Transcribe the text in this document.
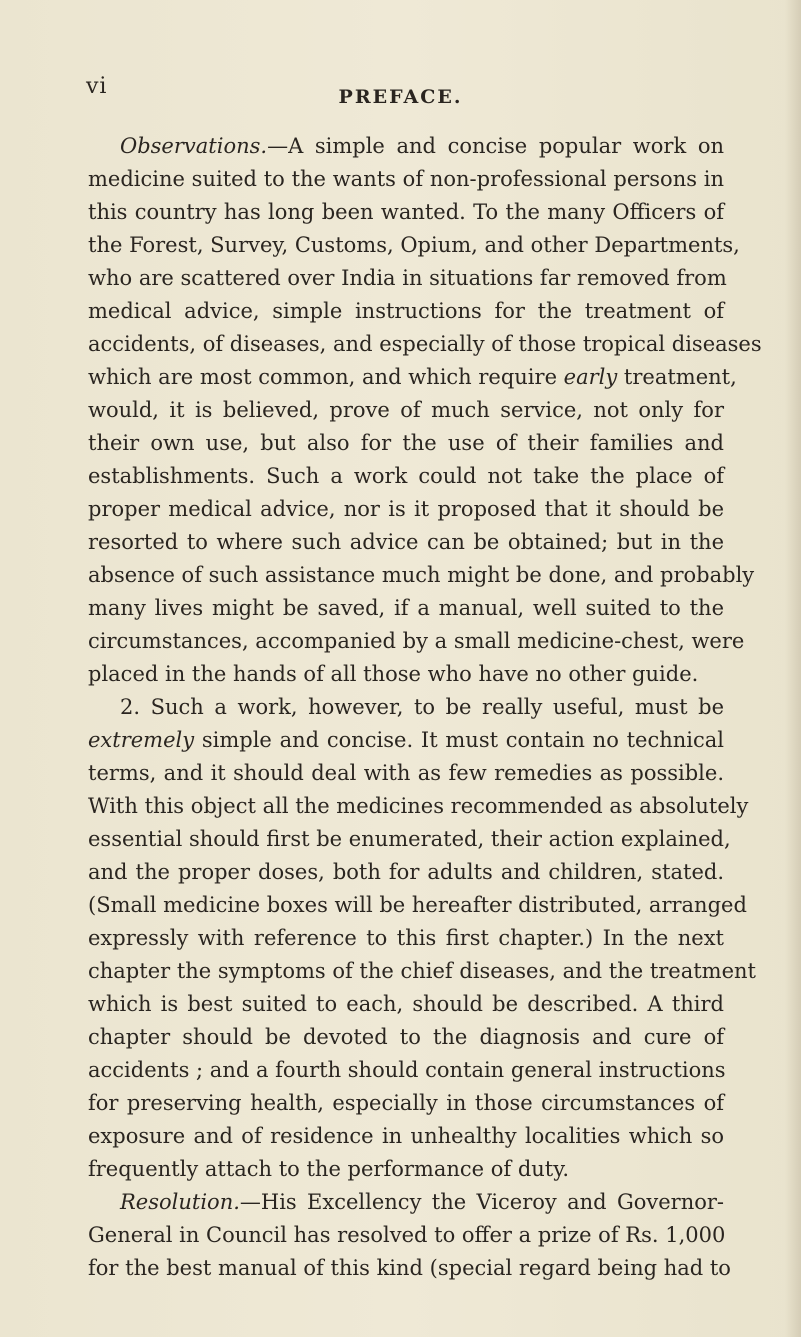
vi	PREFACE.
Observations.—A simple and concise popular work on
medicine suited to the wants of non-professional persons in
this country has long been wanted. To the many Officers of
the Forest, Survey, Customs, Opium, and other Departments,
who are scattered over India in situations far removed from
medical advice, simple instructions for the treatment of
accidents, of diseases, and especially of those tropical diseases
which are most common, and which require early treatment,
would, it is believed, prove of much service, not only for
their own use, but also for the use of their families and
establishments. Such a work could not take the place of
proper medical advice, nor is it proposed that it should be
resorted to where such advice can be obtained; but in the
absence of such assistance much might be done, and probably
many lives might be saved, if a manual, well suited to the
circumstances, accompanied by a small medicine-chest, were
placed in the hands of all those who have no other guide.
2. Such a work, however, to be really useful, must be
extremely simple and concise. It must contain no technical
terms, and it should deal with as few remedies as possible.
With this object all the medicines recommended as absolutely
essential should first be enumerated, their action explained,
and the proper doses, both for adults and children, stated.
(Small medicine boxes will be hereafter distributed, arranged
expressly with reference to this first chapter.) In the next
chapter the symptoms of the chief diseases, and the treatment
which is best suited to each, should be described. A third
chapter should be devoted to the diagnosis and cure of
accidents ; and a fourth should contain general instructions
for preserving health, especially in those circumstances of
exposure and of residence in unhealthy localities which so
frequently attach to the performance of duty.
Resolution.—His Excellency the Viceroy and Governor-
General in Council has resolved to offer a prize of Rs. 1,000
for the best manual of this kind (special regard being had to
